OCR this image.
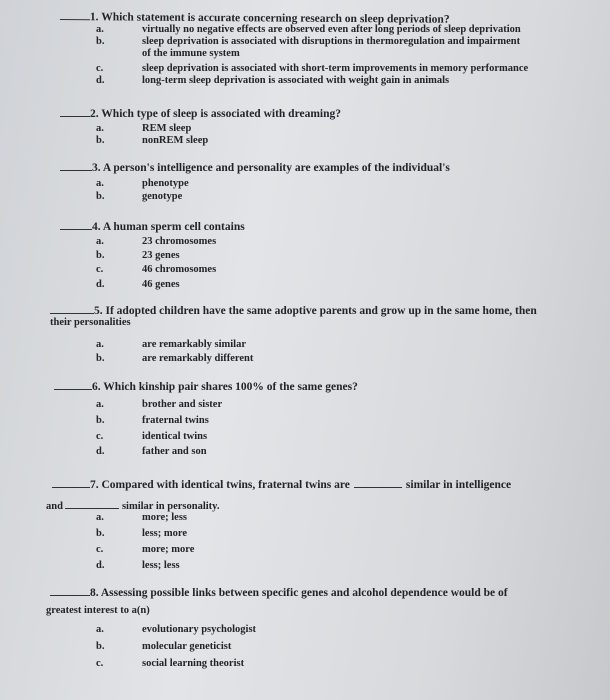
1. Which statement is accurate concerning research on sleep deprivation?
a.	virtually no negative effects are observed even after long periods of sleep deprivation
b.	sleep deprivation is associated with disruptions in thermoregulation and impairment
of the immune system
c.	sleep deprivation is associated with short-term improvements in memory performance
d.	long-term sleep deprivation is associated with weight gain in animals
2. Which type of sleep is associated with dreaming?
a.	REM sleep
b.	nonREM sleep
3. A person's intelligence and personality are examples of the individual's
a.	phenotype
b.	genotype
4. A human sperm cell contains
a.	23 chromosomes
b.	23 genes
c.	46 chromosomes
d.	46 genes
5. If adopted children have the same adoptive parents and grow up in the same home, then
their personalities
a.	are remarkably similar
b.	are remarkably different
6. Which kinship pair shares 100% of the same genes?
a.	brother and sister
b.	fraternal twins
c.	identical twins
d.	father and son
7. Compared with identical twins, fraternal twins are	similar in intelligence
and	similar in personality.
a.	more; less
b.	less; more
c.	more; more
d.	less; less
8. Assessing possible links between specific genes and alcohol dependence would be of
greatest interest to a(n)
a.	evolutionary psychologist
b.	molecular geneticist
c.	social learning theorist
